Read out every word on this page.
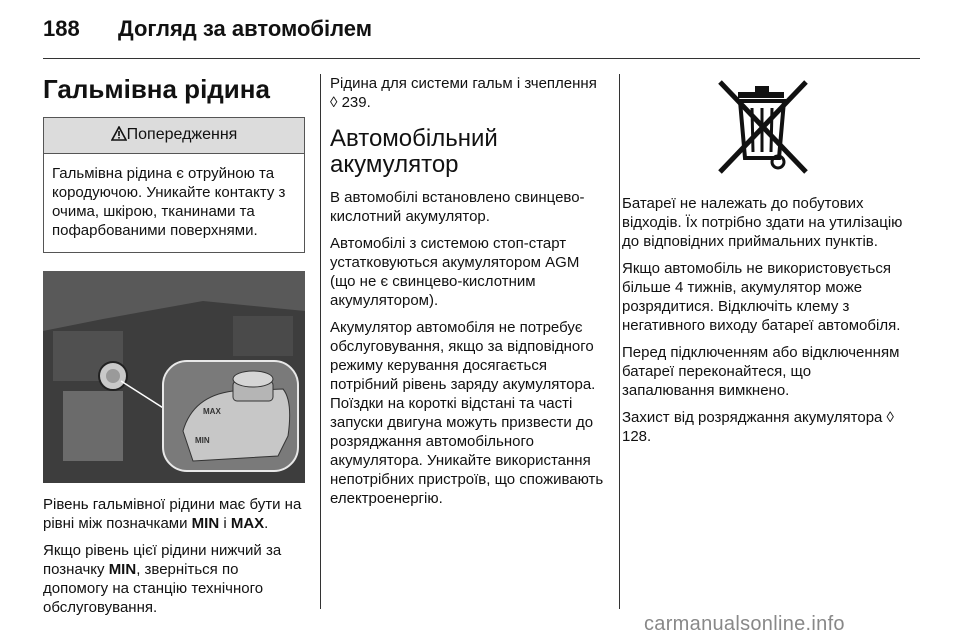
188 Догляд за автомобілем
Гальмівна рідина
Попередження
Гальмівна рідина є отруйною та кородуючою. Уникайте контакту з очима, шкірою, тканинами та пофарбованими поверхнями.
MAX
MIN

Рівень гальмівної рідини має бути на рівні між позначками MIN і MAX.

Якщо рівень цієї рідини нижчий за позначку MIN, зверніться по допомогу на станцію технічного обслуговування.

Рідина для системи гальм і зчеплення ◊ 239.

Автомобільний акумулятор

В автомобілі встановлено свинцево-кислотний акумулятор.

Автомобілі з системою стоп-старт устатковуються акумулятором AGM (що не є свинцево-кислотним акумулятором).

Акумулятор автомобіля не потребує обслуговування, якщо за відповідного режиму керування досягається потрібний рівень заряду акумулятора. Поїздки на короткі відстані та часті запуски двигуна можуть призвести до розряджання автомобільного акумулятора. Уникайте використання непотрібних пристроїв, що споживають електроенергію.

Батареї не належать до побутових відходів. Їх потрібно здати на утилізацію до відповідних приймальних пунктів.

Якщо автомобіль не використовується більше 4 тижнів, акумулятор може розрядитися. Відключіть клему з негативного виходу батареї автомобіля.

Перед підключенням або відключенням батареї переконайтеся, що запалювання вимкнено.

Захист від розряджання акумулятора ◊ 128.

carmanualsonline.info
